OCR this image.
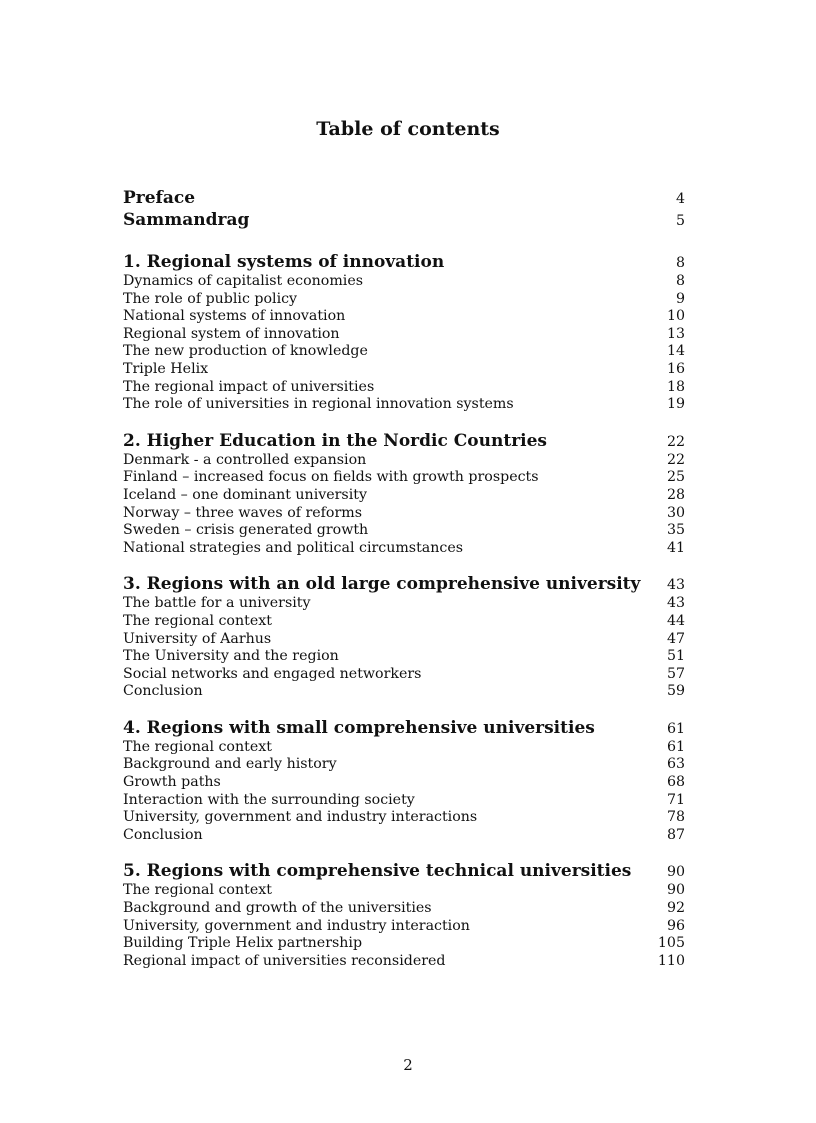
Table of contents
Preface	4
Sammandrag	5
1. Regional systems of innovation	8
Dynamics of capitalist economies	8
The role of public policy	9
National systems of innovation	10
Regional system of innovation	13
The new production of knowledge	14
Triple Helix	16
The regional impact of universities	18
The role of universities in regional innovation systems	19
2. Higher Education in the Nordic Countries	22
Denmark - a controlled expansion	22
Finland – increased focus on fields with growth prospects	25
Iceland – one dominant university	28
Norway – three waves of reforms	30
Sweden – crisis generated growth	35
National strategies and political circumstances	41
3. Regions with an old large comprehensive university 43
The battle for a university	43
The regional context	44
University of Aarhus	47
The University and the region	51
Social networks and engaged networkers	57
Conclusion	59
4. Regions with small comprehensive universities	61
The regional context	61
Background and early history	63
Growth paths	68
Interaction with the surrounding society	71
University, government and industry interactions	78
Conclusion	87
5. Regions with comprehensive technical universities	90
The regional context	90
Background and growth of the universities	92
University, government and industry interaction	96
Building Triple Helix partnership	105
Regional impact of universities reconsidered	110
2
